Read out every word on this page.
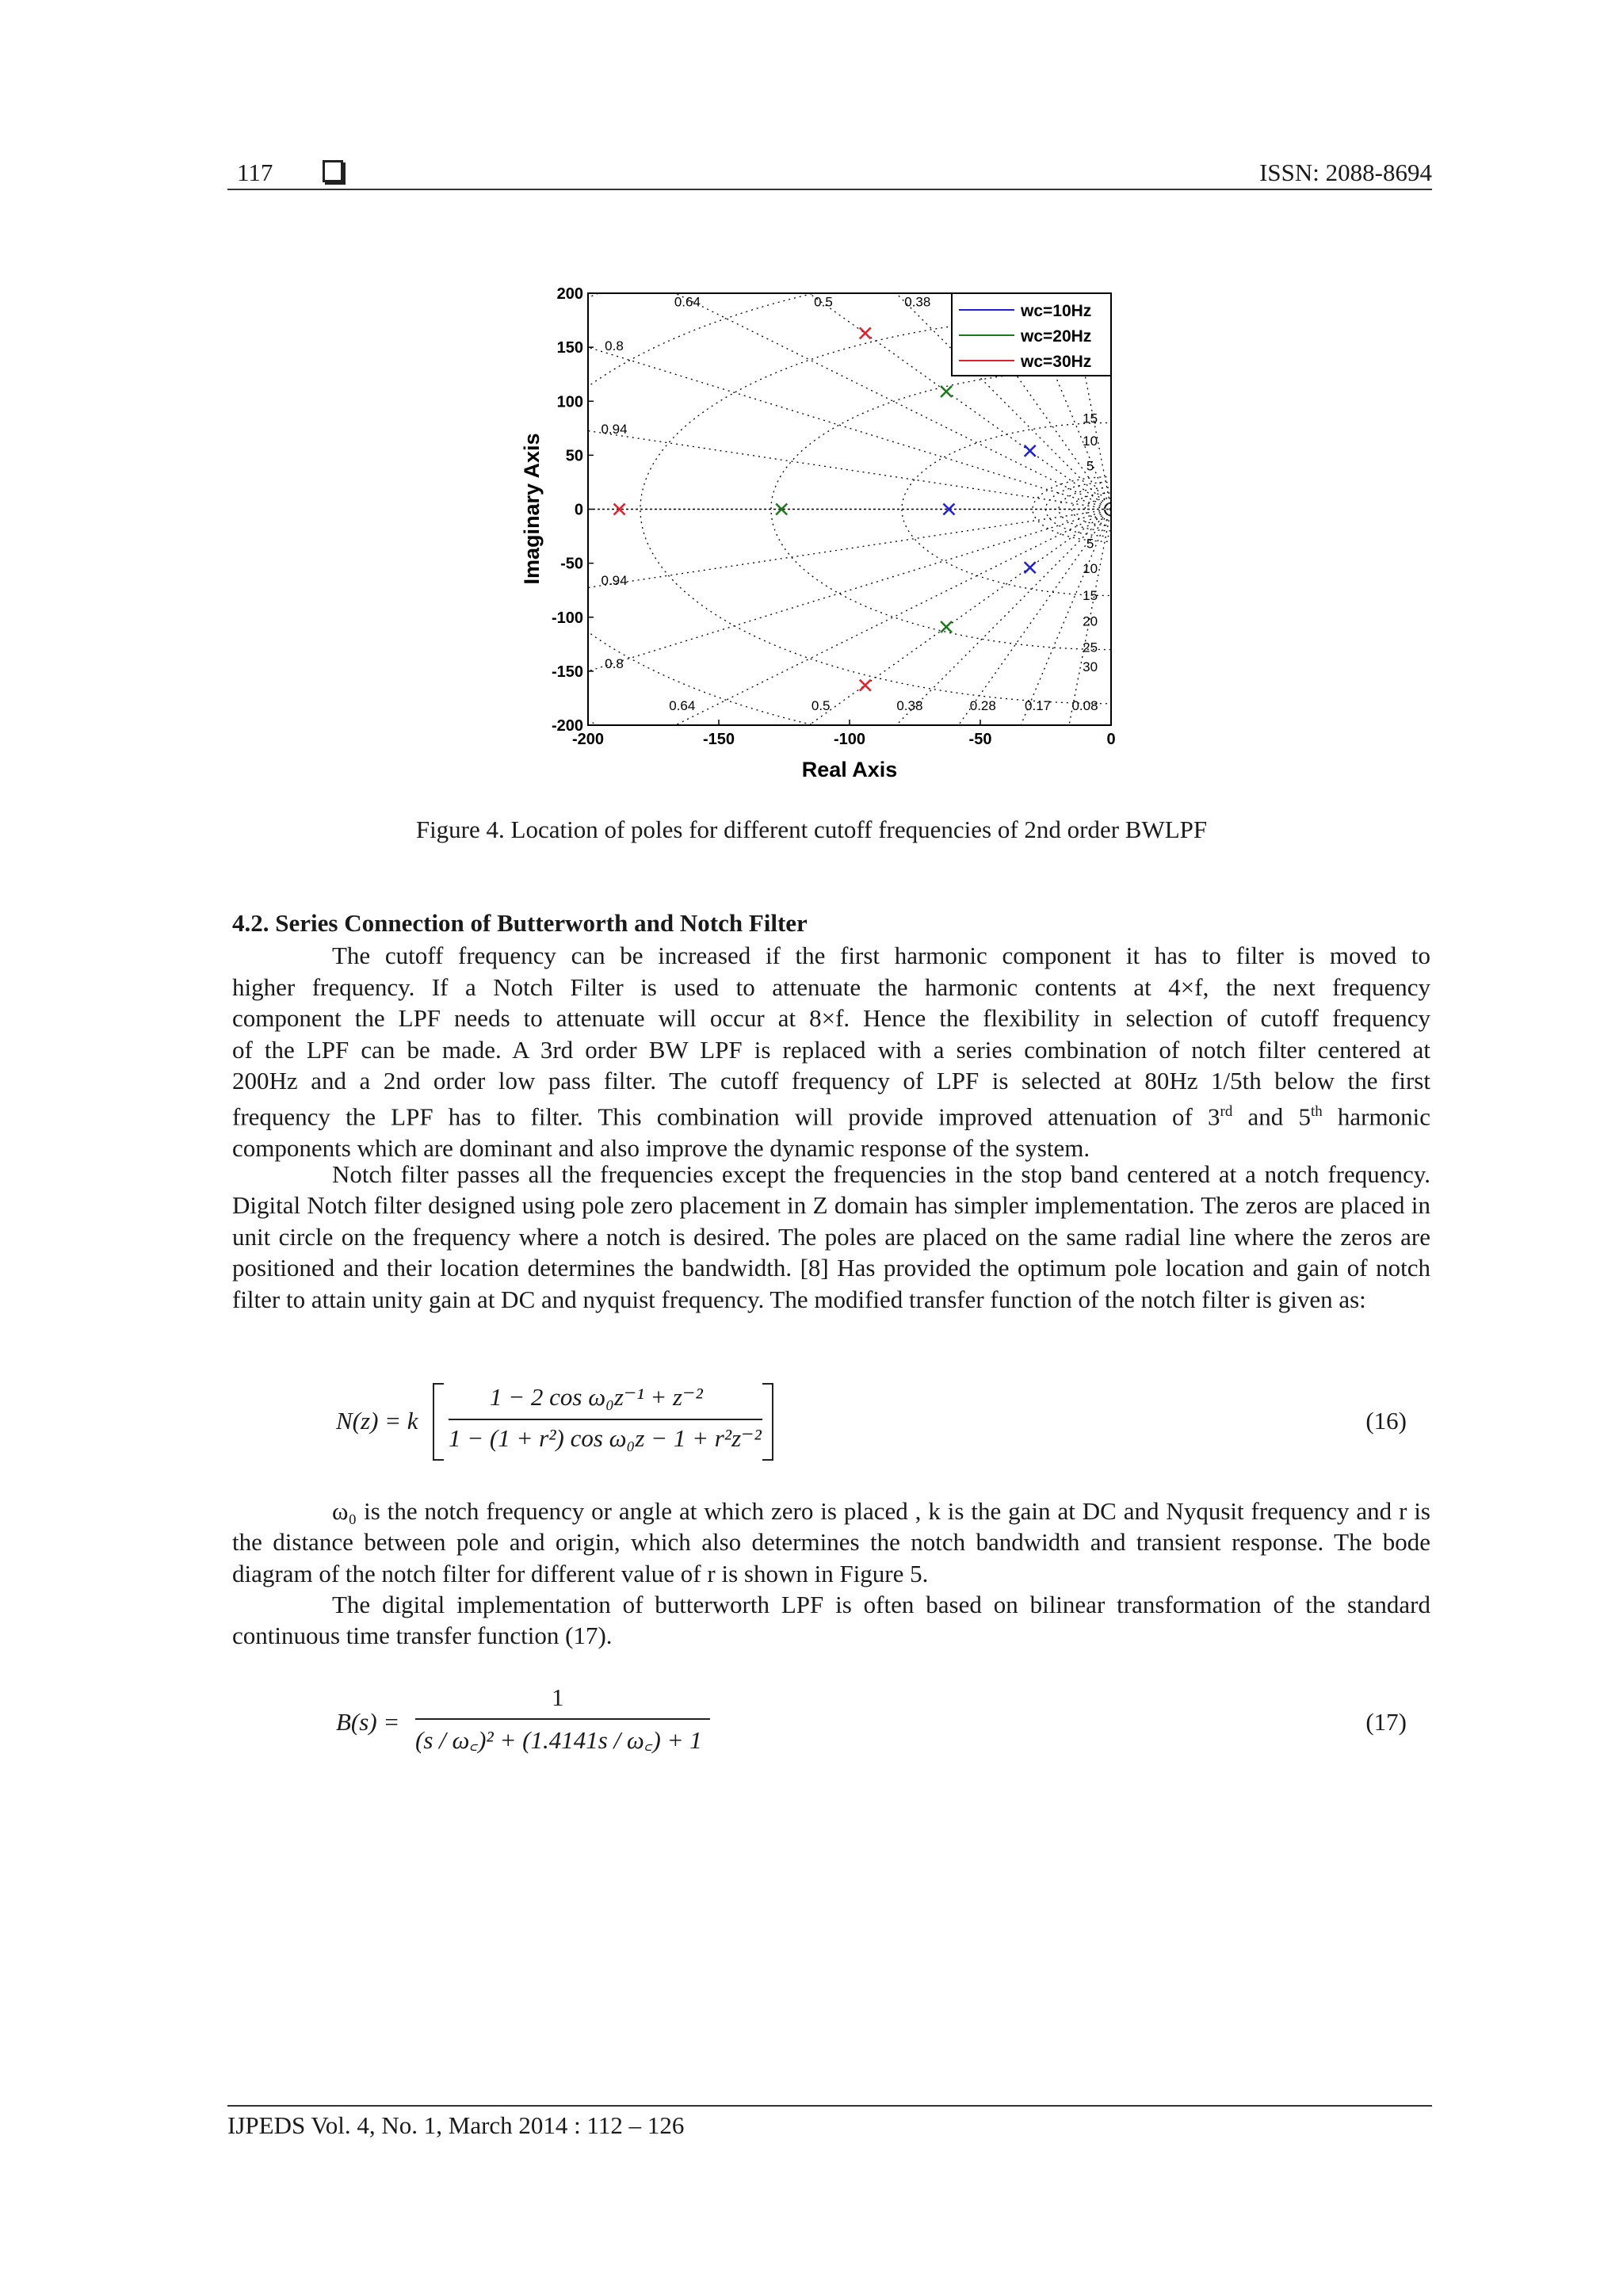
117	ISSN: 2088-8694
-200	-150	-100	-50	0
200
150
100
50
0
-50
-100
-150
-200
0.64	0.5	0.38
0.8
0.94
0.94
0.8
0.64	0.5	0.38	0.28 0.17 0.08
15
10
5
5
10
15
20
25
30
Real Axis
Imaginary Axis
wc=10Hz
wc=20Hz
wc=30Hz
Figure 4. Location of poles for different cutoff frequencies of 2nd order BWLPF
4.2. Series Connection of Butterworth and Notch Filter

The cutoff frequency can be increased if the first harmonic component it has to filter is moved to

higher frequency. If a Notch Filter is used to attenuate the harmonic contents at 4×f, the next frequency

component the LPF needs to attenuate will occur at 8×f. Hence the flexibility in selection of cutoff frequency

of the LPF can be made. A 3rd order BW LPF is replaced with a series combination of notch filter centered at

200Hz and a 2nd order low pass filter. The cutoff frequency of LPF is selected at 80Hz 1/5th below the first

frequency the LPF has to filter. This combination will provide improved attenuation of 3rd and 5th harmonic

components which are dominant and also improve the dynamic response of the system.

Notch filter passes all the frequencies except the frequencies in the stop band centered at a notch frequency. Digital Notch filter designed using pole zero placement in Z domain has simpler implementation. The zeros are placed in unit circle on the frequency where a notch is desired. The poles are placed on the same radial line where the zeros are positioned and their location determines the bandwidth. [8] Has provided the optimum pole location and gain of notch filter to attain unity gain at DC and nyquist frequency. The modified transfer function of the notch filter is given as:

N(z) = k
1 − 2 cos ω₀z⁻¹ + z⁻²
1 − (1 + r²) cos ω₀z − 1 + r²z⁻²
(16)

ω₀ is the notch frequency or angle at which zero is placed , k is the gain at DC and Nyqusit frequency and r is the distance between pole and origin, which also determines the notch bandwidth and transient response. The bode diagram of the notch filter for different value of r is shown in Figure 5.

The digital implementation of butterworth LPF is often based on bilinear transformation of the standard continuous time transfer function (17).

B(s) =
1
(s / ω꜀)² + (1.4141s / ω꜀) + 1
(17)
IJPEDS Vol. 4, No. 1, March 2014 : 112 – 126
